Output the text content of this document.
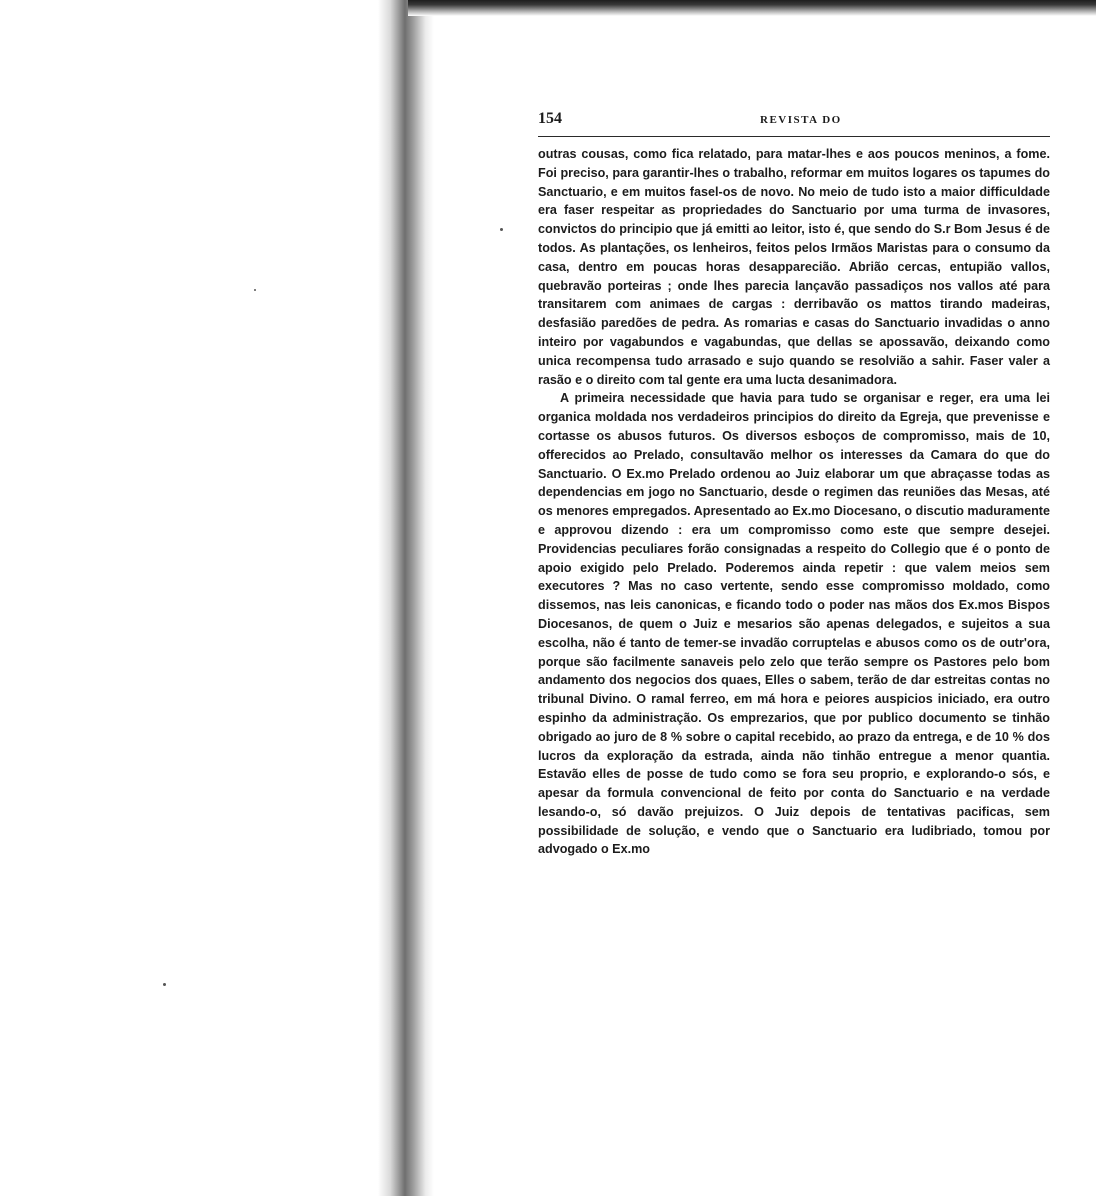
154	REVISTA DO

outras cousas, como fica relatado, para matar-lhes e aos poucos meninos, a fome. Foi preciso, para garantir-lhes o trabalho, reformar em muitos logares os tapumes do Sanctuario, e em muitos fasel-os de novo. No meio de tudo isto a maior difficuldade era faser respeitar as propriedades do Sanctuario por uma turma de invasores, convictos do principio que já emitti ao leitor, isto é, que sendo do S.r Bom Jesus é de todos. As plantações, os lenheiros, feitos pelos Irmãos Maristas para o consumo da casa, dentro em poucas horas desapparecião. Abrião cercas, entupião vallos, quebravão porteiras ; onde lhes parecia lançavão passadiços nos vallos até para transitarem com animaes de cargas : derribavão os mattos tirando madeiras, desfasião paredões de pedra. As romarias e casas do Sanctuario invadidas o anno inteiro por vagabundos e vagabundas, que dellas se apossavão, deixando como unica recompensa tudo arrasado e sujo quando se resolvião a sahir. Faser valer a rasão e o direito com tal gente era uma lucta desanimadora.

A primeira necessidade que havia para tudo se organisar e reger, era uma lei organica moldada nos verdadeiros principios do direito da Egreja, que prevenisse e cortasse os abusos futuros. Os diversos esboços de compromisso, mais de 10, offerecidos ao Prelado, consultavão melhor os interesses da Camara do que do Sanctuario. O Ex.mo Prelado ordenou ao Juiz elaborar um que abraçasse todas as dependencias em jogo no Sanctuario, desde o regimen das reuniões das Mesas, até os menores empregados. Apresentado ao Ex.mo Diocesano, o discutio maduramente e approvou dizendo : era um compromisso como este que sempre desejei. Providencias peculiares forão consignadas a respeito do Collegio que é o ponto de apoio exigido pelo Prelado. Poderemos ainda repetir : que valem meios sem executores ? Mas no caso vertente, sendo esse compromisso moldado, como dissemos, nas leis canonicas, e ficando todo o poder nas mãos dos Ex.mos Bispos Diocesanos, de quem o Juiz e mesarios são apenas delegados, e sujeitos a sua escolha, não é tanto de temer-se invadão corruptelas e abusos como os de outr'ora, porque são facilmente sanaveis pelo zelo que terão sempre os Pastores pelo bom andamento dos negocios dos quaes, Elles o sabem, terão de dar estreitas contas no tribunal Divino. O ramal ferreo, em má hora e peiores auspicios iniciado, era outro espinho da administração. Os emprezarios, que por publico documento se tinhão obrigado ao juro de 8 % sobre o capital recebido, ao prazo da entrega, e de 10 % dos lucros da exploração da estrada, ainda não tinhão entregue a menor quantia. Estavão elles de posse de tudo como se fora seu proprio, e explorando-o sós, e apesar da formula convencional de feito por conta do Sanctuario e na verdade lesando-o, só davão prejuizos. O Juiz depois de tentativas pacificas, sem possibilidade de solução, e vendo que o Sanctuario era ludibriado, tomou por advogado o Ex.mo
